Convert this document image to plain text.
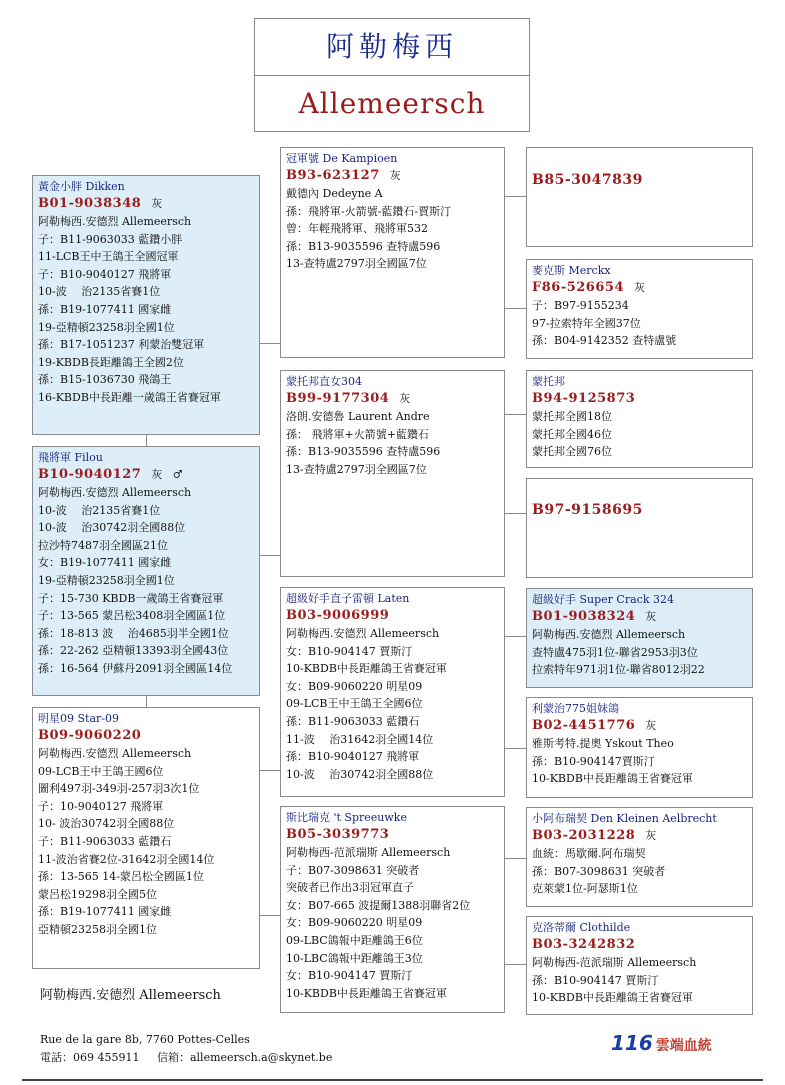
阿勒梅西
Allemeersch
黃金小胖 Dikken
B01-9038348 灰
阿勒梅西.安德烈 Allemeersch
子：B11-9063033 藍鑽小胖
11-LCB王中王鴿王全國冠軍
子：B10-9040127 飛將軍
10-波　 治2135省賽1位
孫：B19-1077411 國家雌
19-亞精頓23258羽全國1位
孫：B17-1051237 利蒙治雙冠軍
19-KBDB長距離鴿王全國2位
孫：B15-1036730 飛鴿王
16-KBDB中長距離一歲鴿王省賽冠軍
飛將軍 Filou
B10-9040127 灰 ♂
阿勒梅西.安德烈 Allemeersch
10-波　 治2135省賽1位
10-波　 治30742羽全國88位
拉沙特7487羽全國區21位
女：B19-1077411 國家雌
19-亞精頓23258羽全國1位
子：15-730 KBDB一歲鴿王省賽冠軍
子：13-565 蒙呂松3408羽全國區1位
孫：18-813 波　 治4685羽半全國1位
孫：22-262 亞精頓13393羽全國43位
孫：16-564 伊蘇丹2091羽全國區14位
明星09 Star-09
B09-9060220
阿勒梅西.安德烈 Allemeersch
09-LCB王中王鴿王國6位
圖利497羽-349羽-257羽3次1位
子：10-9040127 飛將軍
10- 波治30742羽全國88位
子：B11-9063033 藍鑽石
11-波治省賽2位-31642羽全國14位
孫：13-565 14-蒙呂松全國區1位
蒙呂松19298羽全國5位
孫：B19-1077411 國家雌
亞精頓23258羽全國1位
阿勒梅西.安德烈 Allemeersch
冠軍號 De Kampioen
B93-623127 灰
戴德內 Dedeyne A
孫：飛將軍-火箭號-藍鑽石-賈斯汀
曾：年輕飛將軍、飛將軍532
孫：B13-9035596 查特盧596
13-查特盧2797羽全國區7位
蒙托邦直女304
B99-9177304 灰
洛朗.安德魯 Laurent Andre
孫： 飛將軍+火箭號+藍鑽石
孫：B13-9035596 查特盧596
13-查特盧2797羽全國區7位
超級好手直子雷頓 Laten
B03-9006999
阿勒梅西.安德烈 Allemeersch
女：B10-904147 賈斯汀
10-KBDB中長距離鴿王省賽冠軍
女：B09-9060220 明星09
09-LCB王中王鴿王全國6位
孫：B11-9063033 藍鑽石
11-波　 治31642羽全國14位
孫：B10-9040127 飛將軍
10-波　 治30742羽全國88位
斯比瑞克 't Spreeuwke
B05-3039773
阿勒梅西-范派瑞斯 Allemeersch
子：B07-3098631 突破者
突破者已作出3羽冠軍直子
女：B07-665 波提爾1388羽聯省2位
女：B09-9060220 明星09
09-LBC鴿報中距離鴿王6位
10-LBC鴿報中距離鴿王3位
女：B10-904147 賈斯汀
10-KBDB中長距離鴿王省賽冠軍
B85-3047839
麥克斯 Merckx
F86-526654 灰
子：B97-9155234
97-拉索特年全國37位
孫：B04-9142352 查特盧號
蒙托邦
B94-9125873
蒙托邦全國18位
蒙托邦全國46位
蒙托邦全國76位
B97-9158695
超級好手 Super Crack 324
B01-9038324 灰
阿勒梅西.安德烈 Allemeersch
查特盧475羽1位-聯省2953羽3位
拉索特年971羽1位-聯省8012羽22
利蒙治775姐妹鴿
B02-4451776 灰
雅斯考特.提奧 Yskout Theo
孫：B10-904147賈斯汀
10-KBDB中長距離鴿王省賽冠軍
小阿布瑞契 Den Kleinen Aelbrecht
B03-2031228 灰
血統：馬歇爾.阿布瑞契
孫：B07-3098631 突破者
克萊蒙1位-阿瑟斯1位
克洛蒂爾 Clothilde
B03-3242832
阿勒梅西-范派瑞斯 Allemeersch
孫：B10-904147 賈斯汀
10-KBDB中長距離鴿王省賽冠軍
Rue de la gare 8b, 7760 Pottes-Celles
電話：069 455911 信箱：allemeersch.a@skynet.be
116 雲端血統
